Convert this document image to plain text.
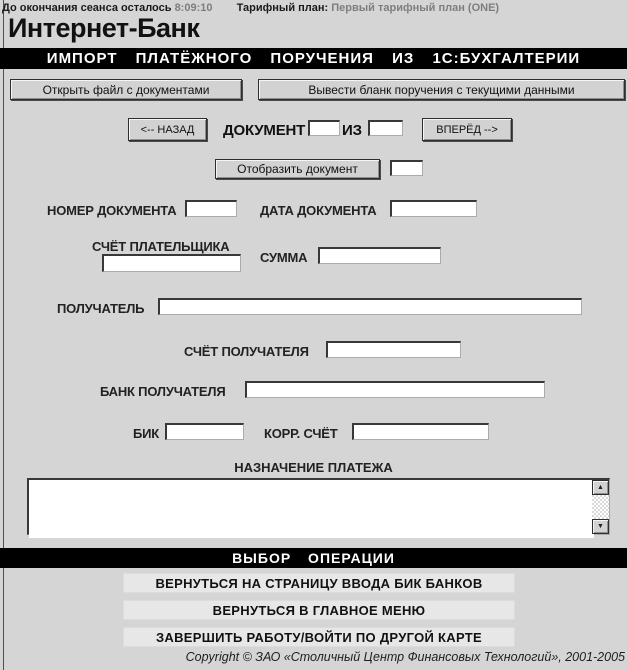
До окончания сеанса осталось 8:09:10 Тарифный план: Первый тарифный план (ONE)
Интернет-Банк
ИМПОРТ ПЛАТЁЖНОГО ПОРУЧЕНИЯ ИЗ 1С:БУХГАЛТЕРИИ
Открыть файл с документами	Вывести бланк поручения с текущими данными
<-- НАЗАД	ДОКУМЕНТ ИЗ	ВПЕРЁД -->
Отобразить документ
НОМЕР ДОКУМЕНТА	ДАТА ДОКУМЕНТА
СЧЁТ ПЛАТЕЛЬЩИКА
СУММА
ПОЛУЧАТЕЛЬ
СЧЁТ ПОЛУЧАТЕЛЯ
БАНК ПОЛУЧАТЕЛЯ
БИК	КОРР. СЧЁТ
НАЗНАЧЕНИЕ ПЛАТЕЖА
▲
▼
ВЫБОР ОПЕРАЦИИ
ВЕРНУТЬСЯ НА СТРАНИЦУ ВВОДА БИК БАНКОВ
ВЕРНУТЬСЯ В ГЛАВНОЕ МЕНЮ
ЗАВЕРШИТЬ РАБОТУ/ВОЙТИ ПО ДРУГОЙ КАРТЕ
Copyright © ЗАО «Столичный Центр Финансовых Технологий», 2001-2005
